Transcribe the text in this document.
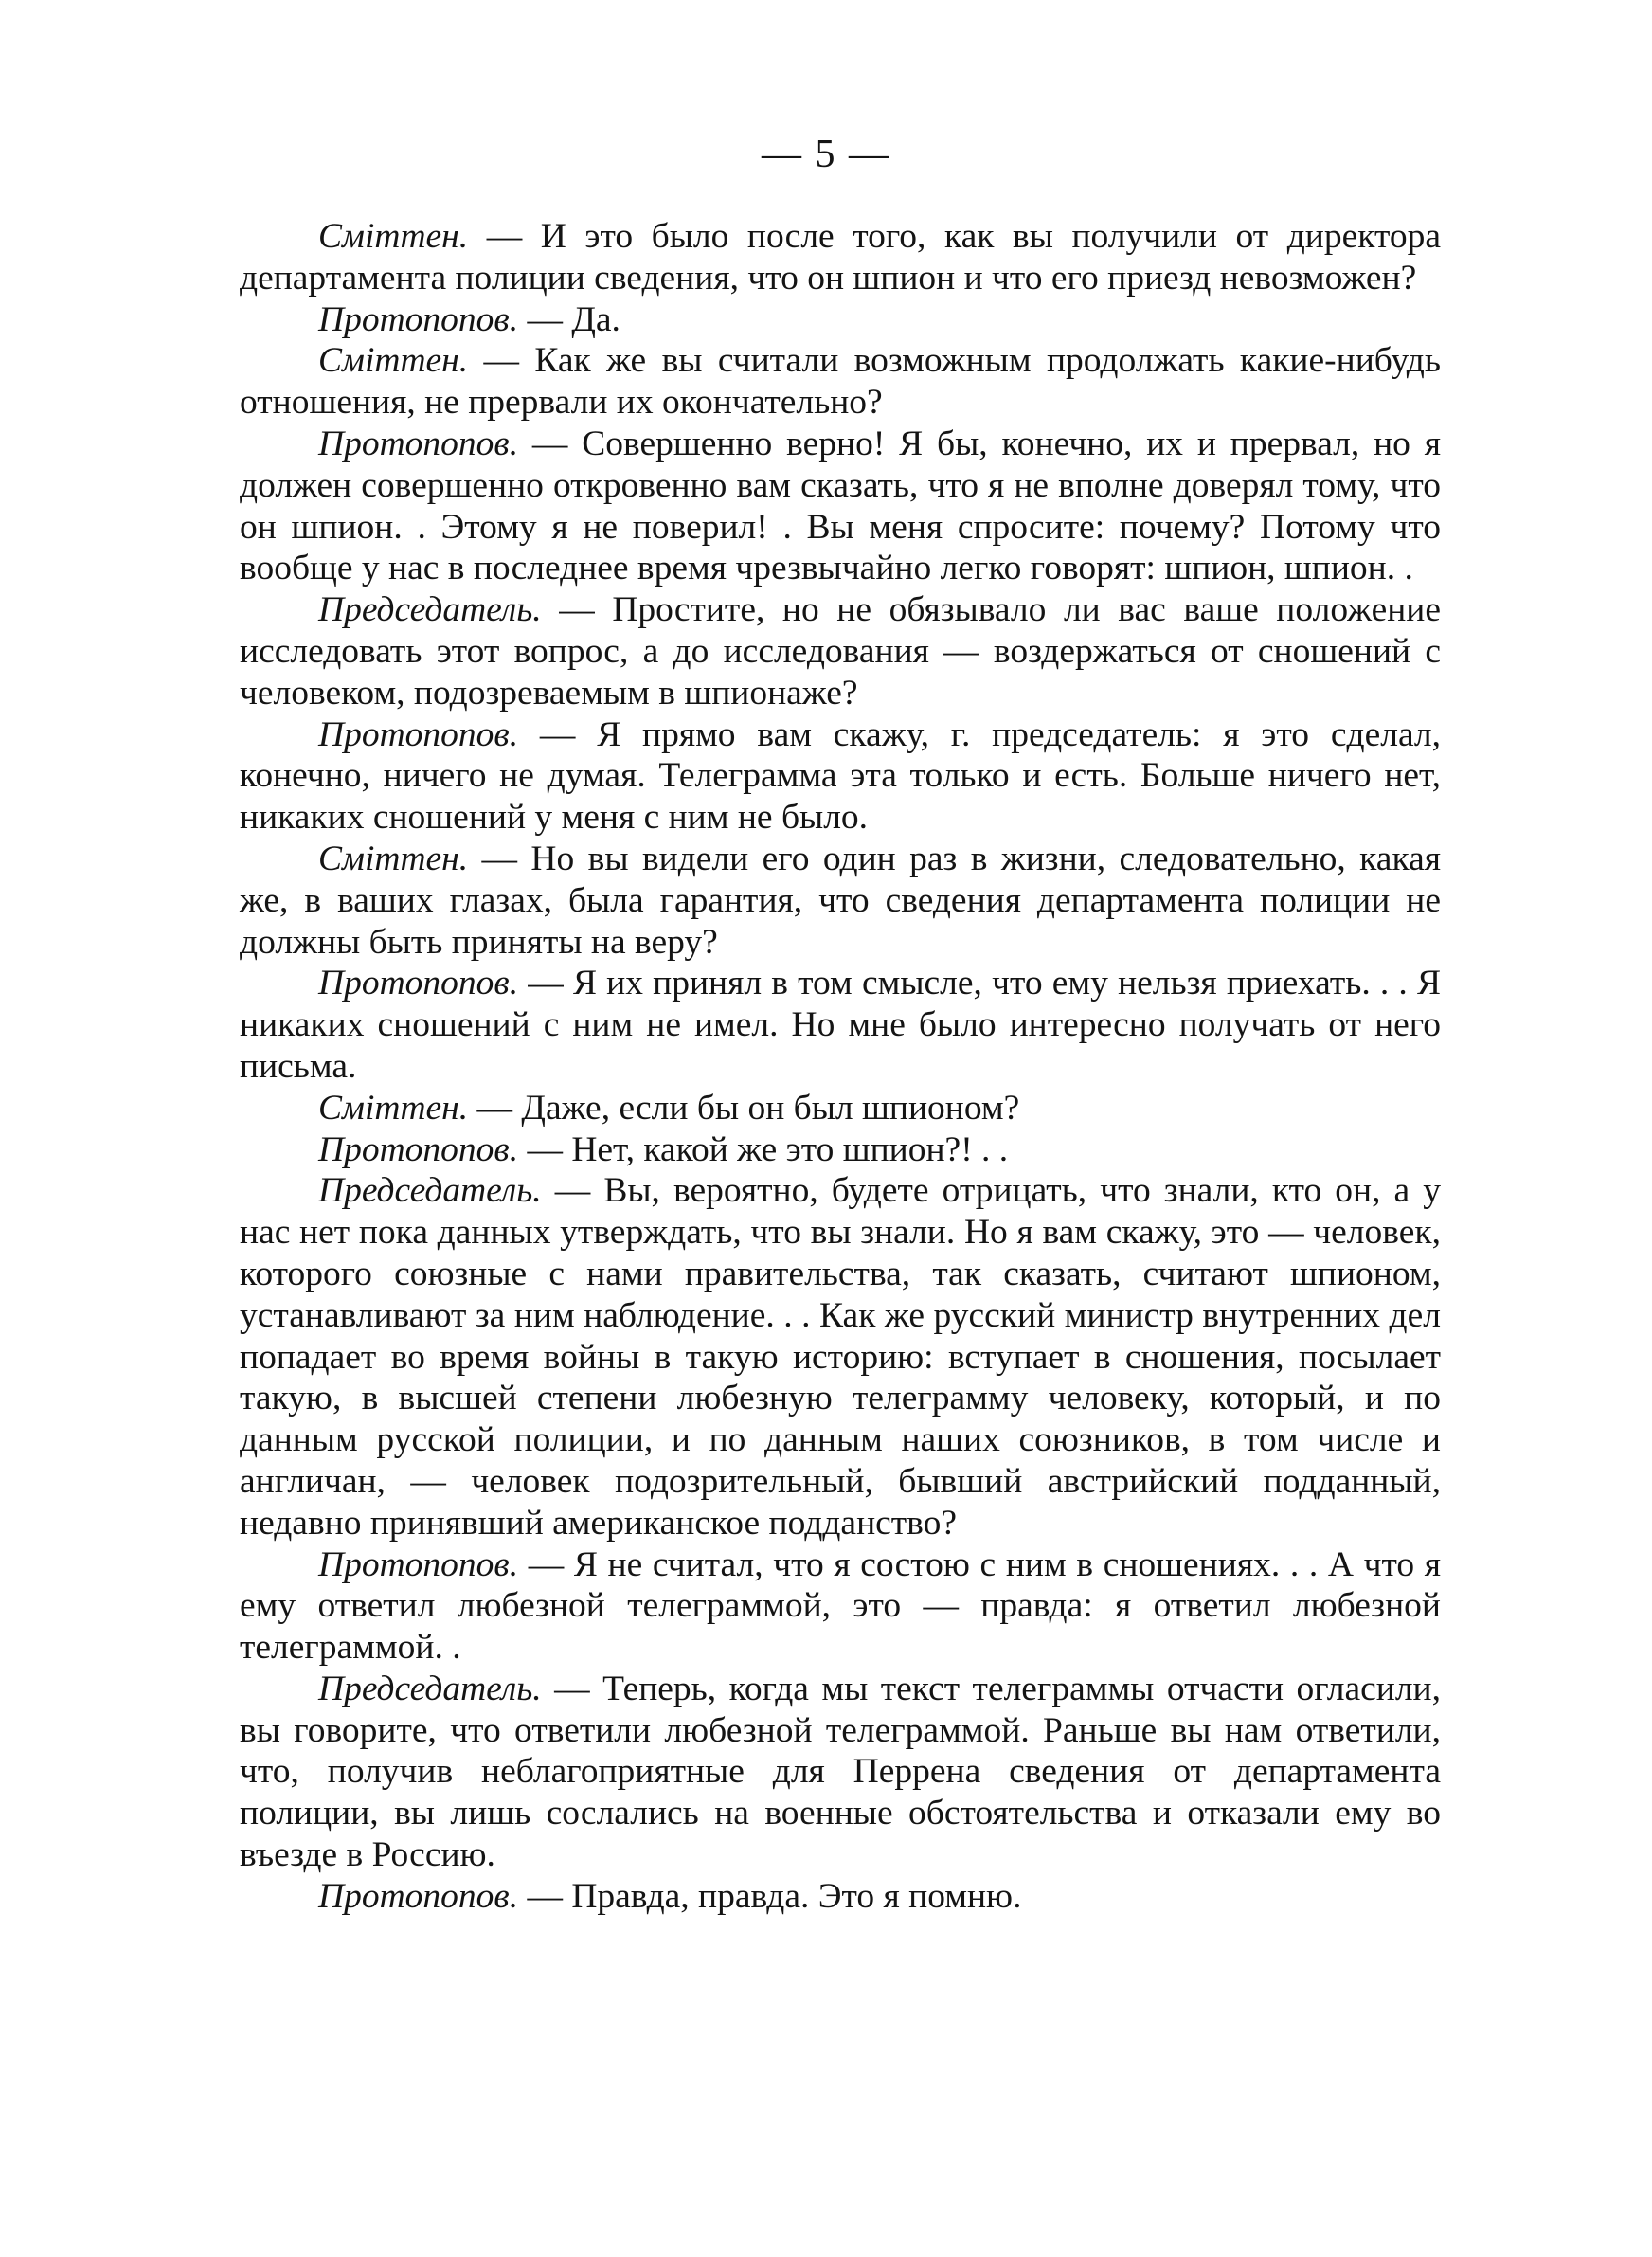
— 5 —

Сміттен. — И это было после того, как вы получили от директора департамента полиции сведения, что он шпион и что его приезд невозможен?

Протопопов. — Да.

Сміттен. — Как же вы считали возможным продолжать какие-нибудь отношения, не прервали их окончательно?

Протопопов. — Совершенно верно! Я бы, конечно, их и прервал, но я должен совершенно откровенно вам сказать, что я не вполне доверял тому, что он шпион. . Этому я не поверил! . Вы меня спросите: почему? Потому что вообще у нас в последнее время чрезвычайно легко говорят: шпион, шпион. .

Председатель. — Простите, но не обязывало ли вас ваше положение исследовать этот вопрос, а до исследования — воздержаться от сношений с человеком, подозреваемым в шпионаже?

Протопопов. — Я прямо вам скажу, г. председатель: я это сделал, конечно, ничего не думая. Телеграмма эта только и есть. Больше ничего нет, никаких сношений у меня с ним не было.

Сміттен. — Но вы видели его один раз в жизни, следовательно, какая же, в ваших глазах, была гарантия, что сведения департамента полиции не должны быть приняты на веру?

Протопопов. — Я их принял в том смысле, что ему нельзя приехать. . . Я никаких сношений с ним не имел. Но мне было интересно получать от него письма.

Сміттен. — Даже, если бы он был шпионом?

Протопопов. — Нет, какой же это шпион?! . .

Председатель. — Вы, вероятно, будете отрицать, что знали, кто он, а у нас нет пока данных утверждать, что вы знали. Но я вам скажу, это — человек, которого союзные с нами правительства, так сказать, считают шпионом, устанавливают за ним наблюдение. . . Как же русский министр внутренних дел попадает во время войны в такую историю: вступает в сношения, посылает такую, в высшей степени любезную телеграмму человеку, который, и по данным русской полиции, и по данным наших союзников, в том числе и англичан, — человек подозрительный, бывший австрийский подданный, недавно принявший американское подданство?

Протопопов. — Я не считал, что я состою с ним в сношениях. . . А что я ему ответил любезной телеграммой, это — правда: я ответил любезной телеграммой. .

Председатель. — Теперь, когда мы текст телеграммы отчасти огласили, вы говорите, что ответили любезной телеграммой. Раньше вы нам ответили, что, получив неблагоприятные для Перрена сведения от департамента полиции, вы лишь сослались на военные обстоятельства и отказали ему во въезде в Россию.

Протопопов. — Правда, правда. Это я помню.
